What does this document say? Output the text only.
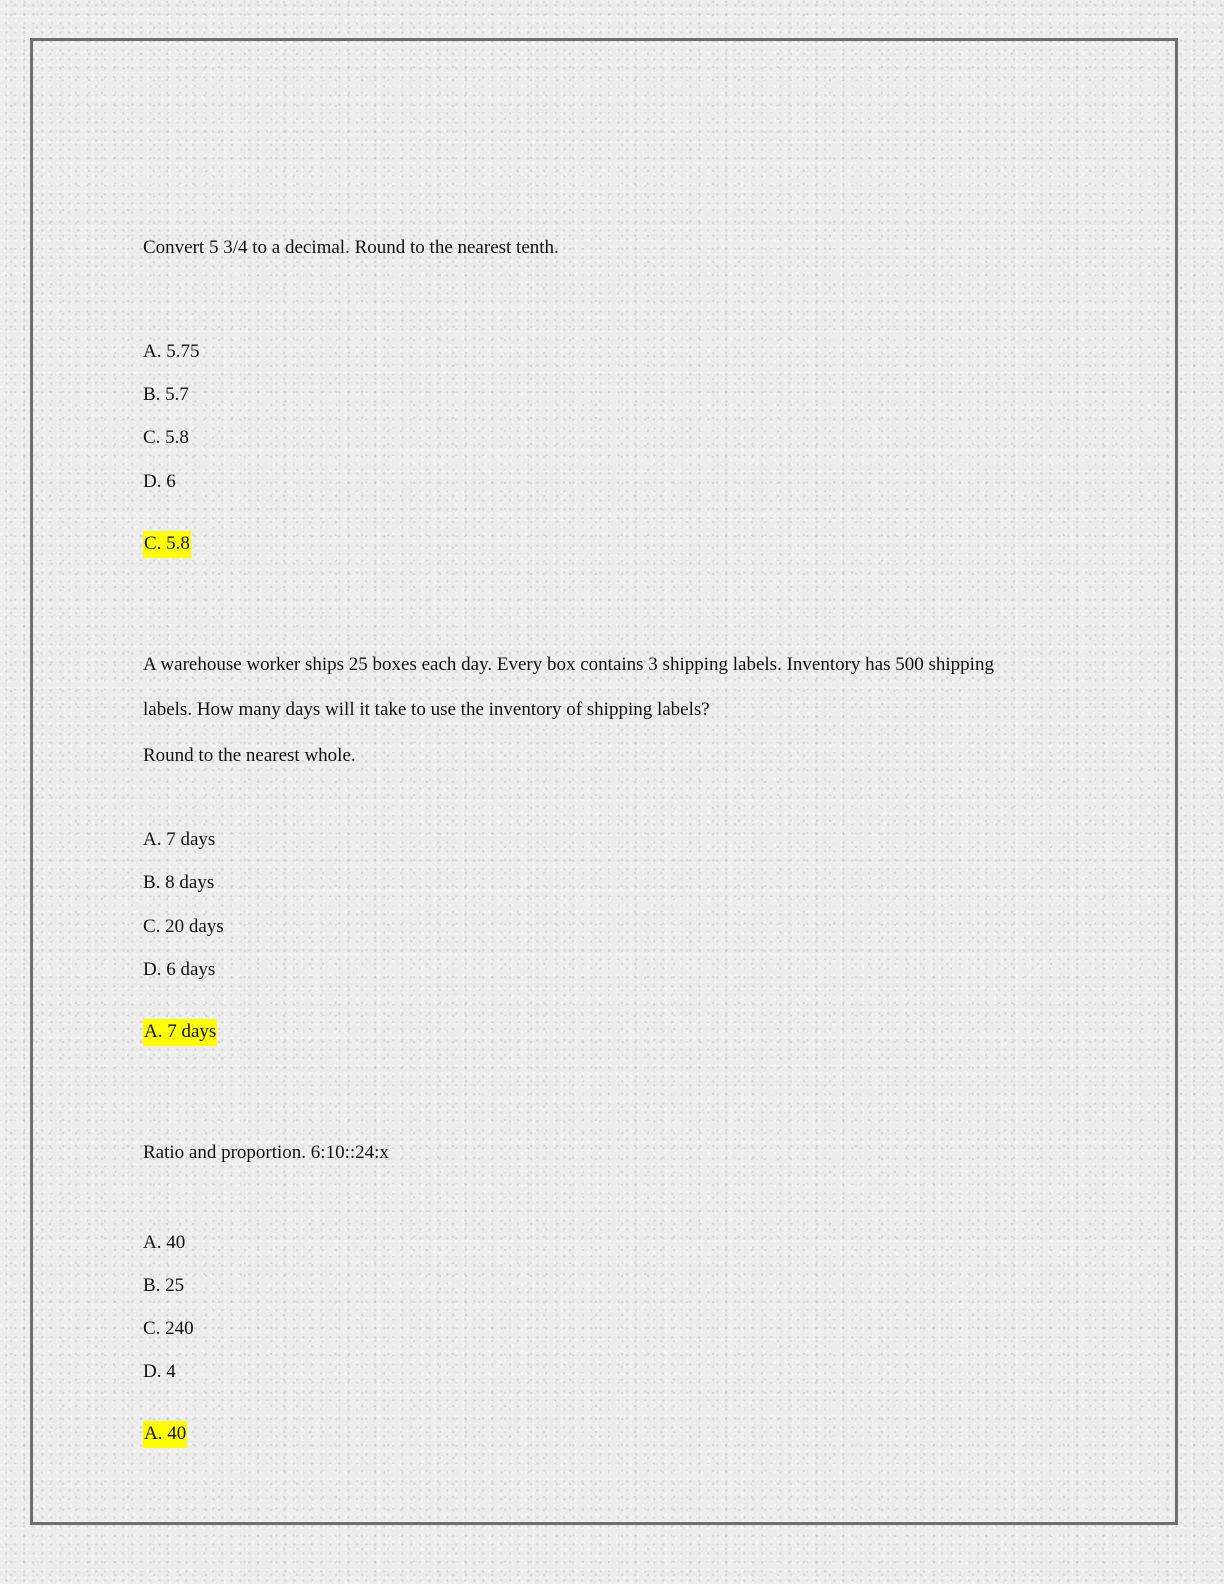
Convert 5 3/4 to a decimal. Round to the nearest tenth.
A. 5.75
B. 5.7
C. 5.8
D. 6
C. 5.8
A warehouse worker ships 25 boxes each day. Every box contains 3 shipping labels. Inventory has 500 shipping
labels. How many days will it take to use the inventory of shipping labels?
Round to the nearest whole.
A. 7 days
B. 8 days
C. 20 days
D. 6 days
A. 7 days
Ratio and proportion. 6:10::24:x
A. 40
B. 25
C. 240
D. 4
A. 40
